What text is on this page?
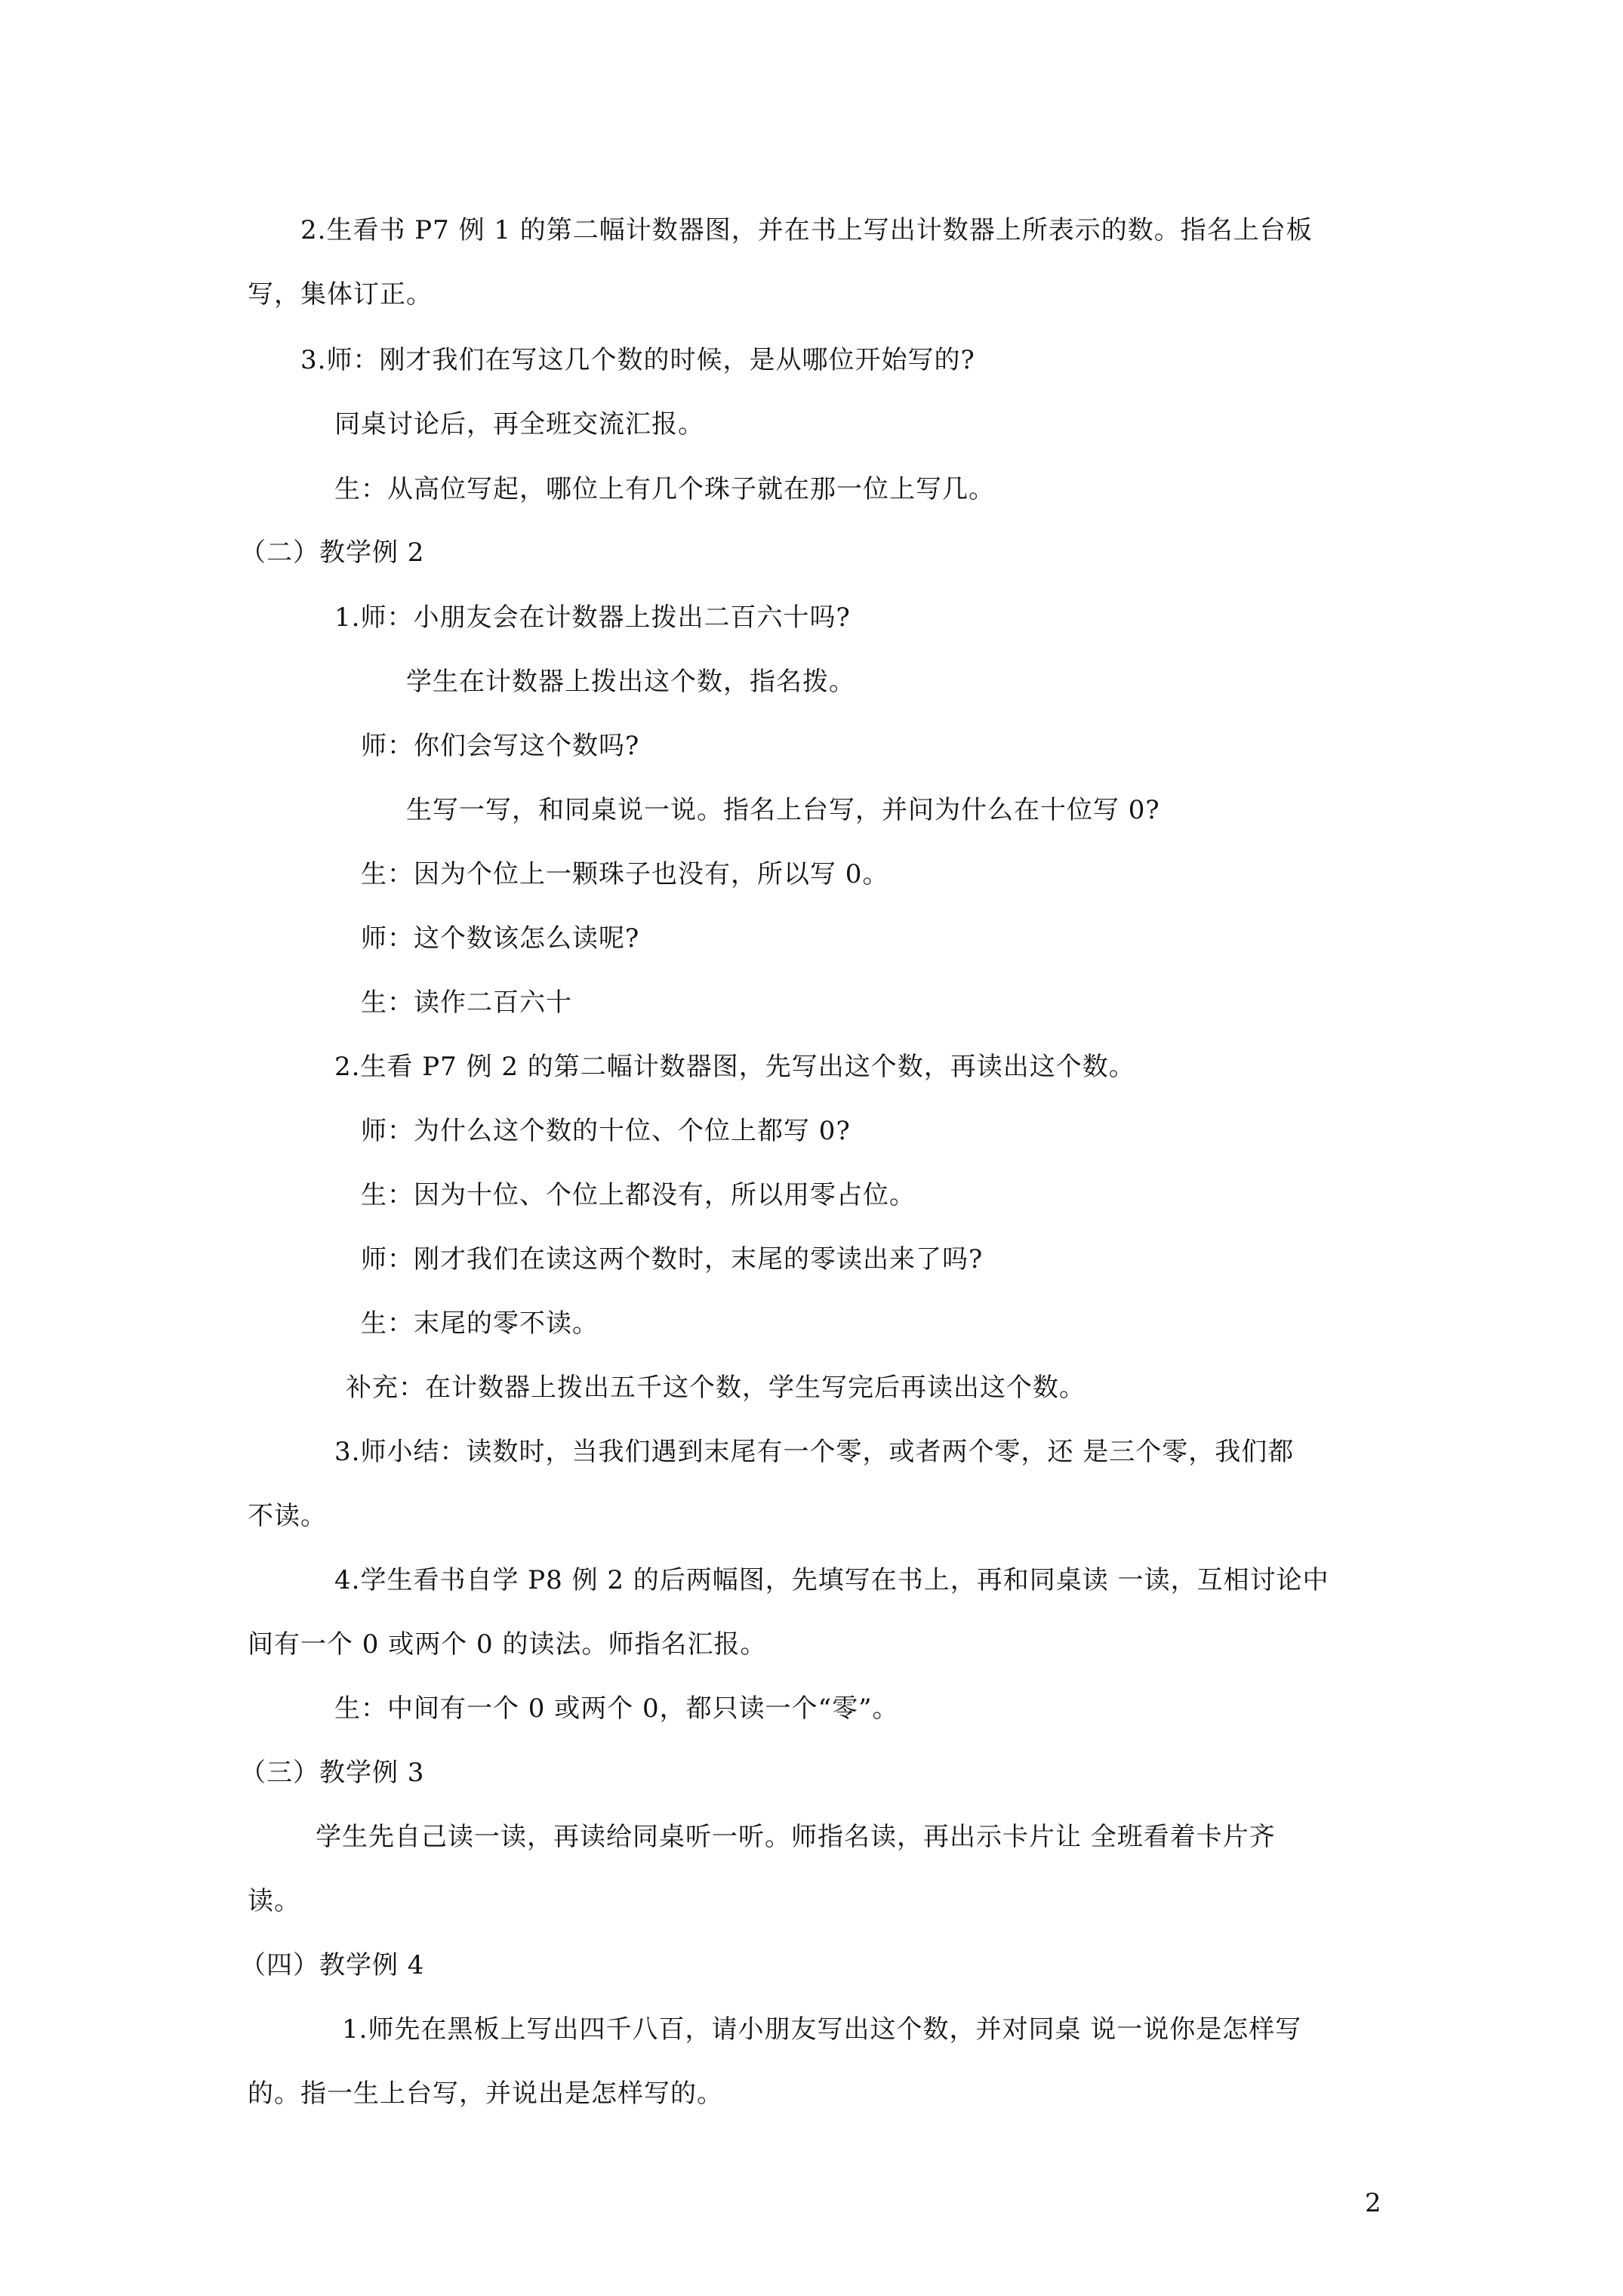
2.生看书 P7 例 1 的第二幅计数器图，并在书上写出计数器上所表示的数。指名上台板
写，集体订正。
3.师：刚才我们在写这几个数的时候，是从哪位开始写的?
同桌讨论后，再全班交流汇报。
生：从高位写起，哪位上有几个珠子就在那一位上写几。
（二）教学例 2
1.师：小朋友会在计数器上拨出二百六十吗?
学生在计数器上拨出这个数，指名拨。
师：你们会写这个数吗?
生写一写，和同桌说一说。指名上台写，并问为什么在十位写 0?
生：因为个位上一颗珠子也没有，所以写 0。
师：这个数该怎么读呢?
生：读作二百六十
2.生看 P7 例 2 的第二幅计数器图，先写出这个数，再读出这个数。
师：为什么这个数的十位、个位上都写 0?
生：因为十位、个位上都没有，所以用零占位。
师：刚才我们在读这两个数时，末尾的零读出来了吗?
生：末尾的零不读。
补充：在计数器上拨出五千这个数，学生写完后再读出这个数。
3.师小结：读数时，当我们遇到末尾有一个零，或者两个零，还 是三个零，我们都
不读。
4.学生看书自学 P8 例 2 的后两幅图，先填写在书上，再和同桌读 一读，互相讨论中
间有一个 0 或两个 0 的读法。师指名汇报。
生：中间有一个 0 或两个 0，都只读一个“零”。
（三）教学例 3
学生先自己读一读，再读给同桌听一听。师指名读，再出示卡片让 全班看着卡片齐
读。
（四）教学例 4
1.师先在黑板上写出四千八百，请小朋友写出这个数，并对同桌 说一说你是怎样写
的。指一生上台写，并说出是怎样写的。
2
